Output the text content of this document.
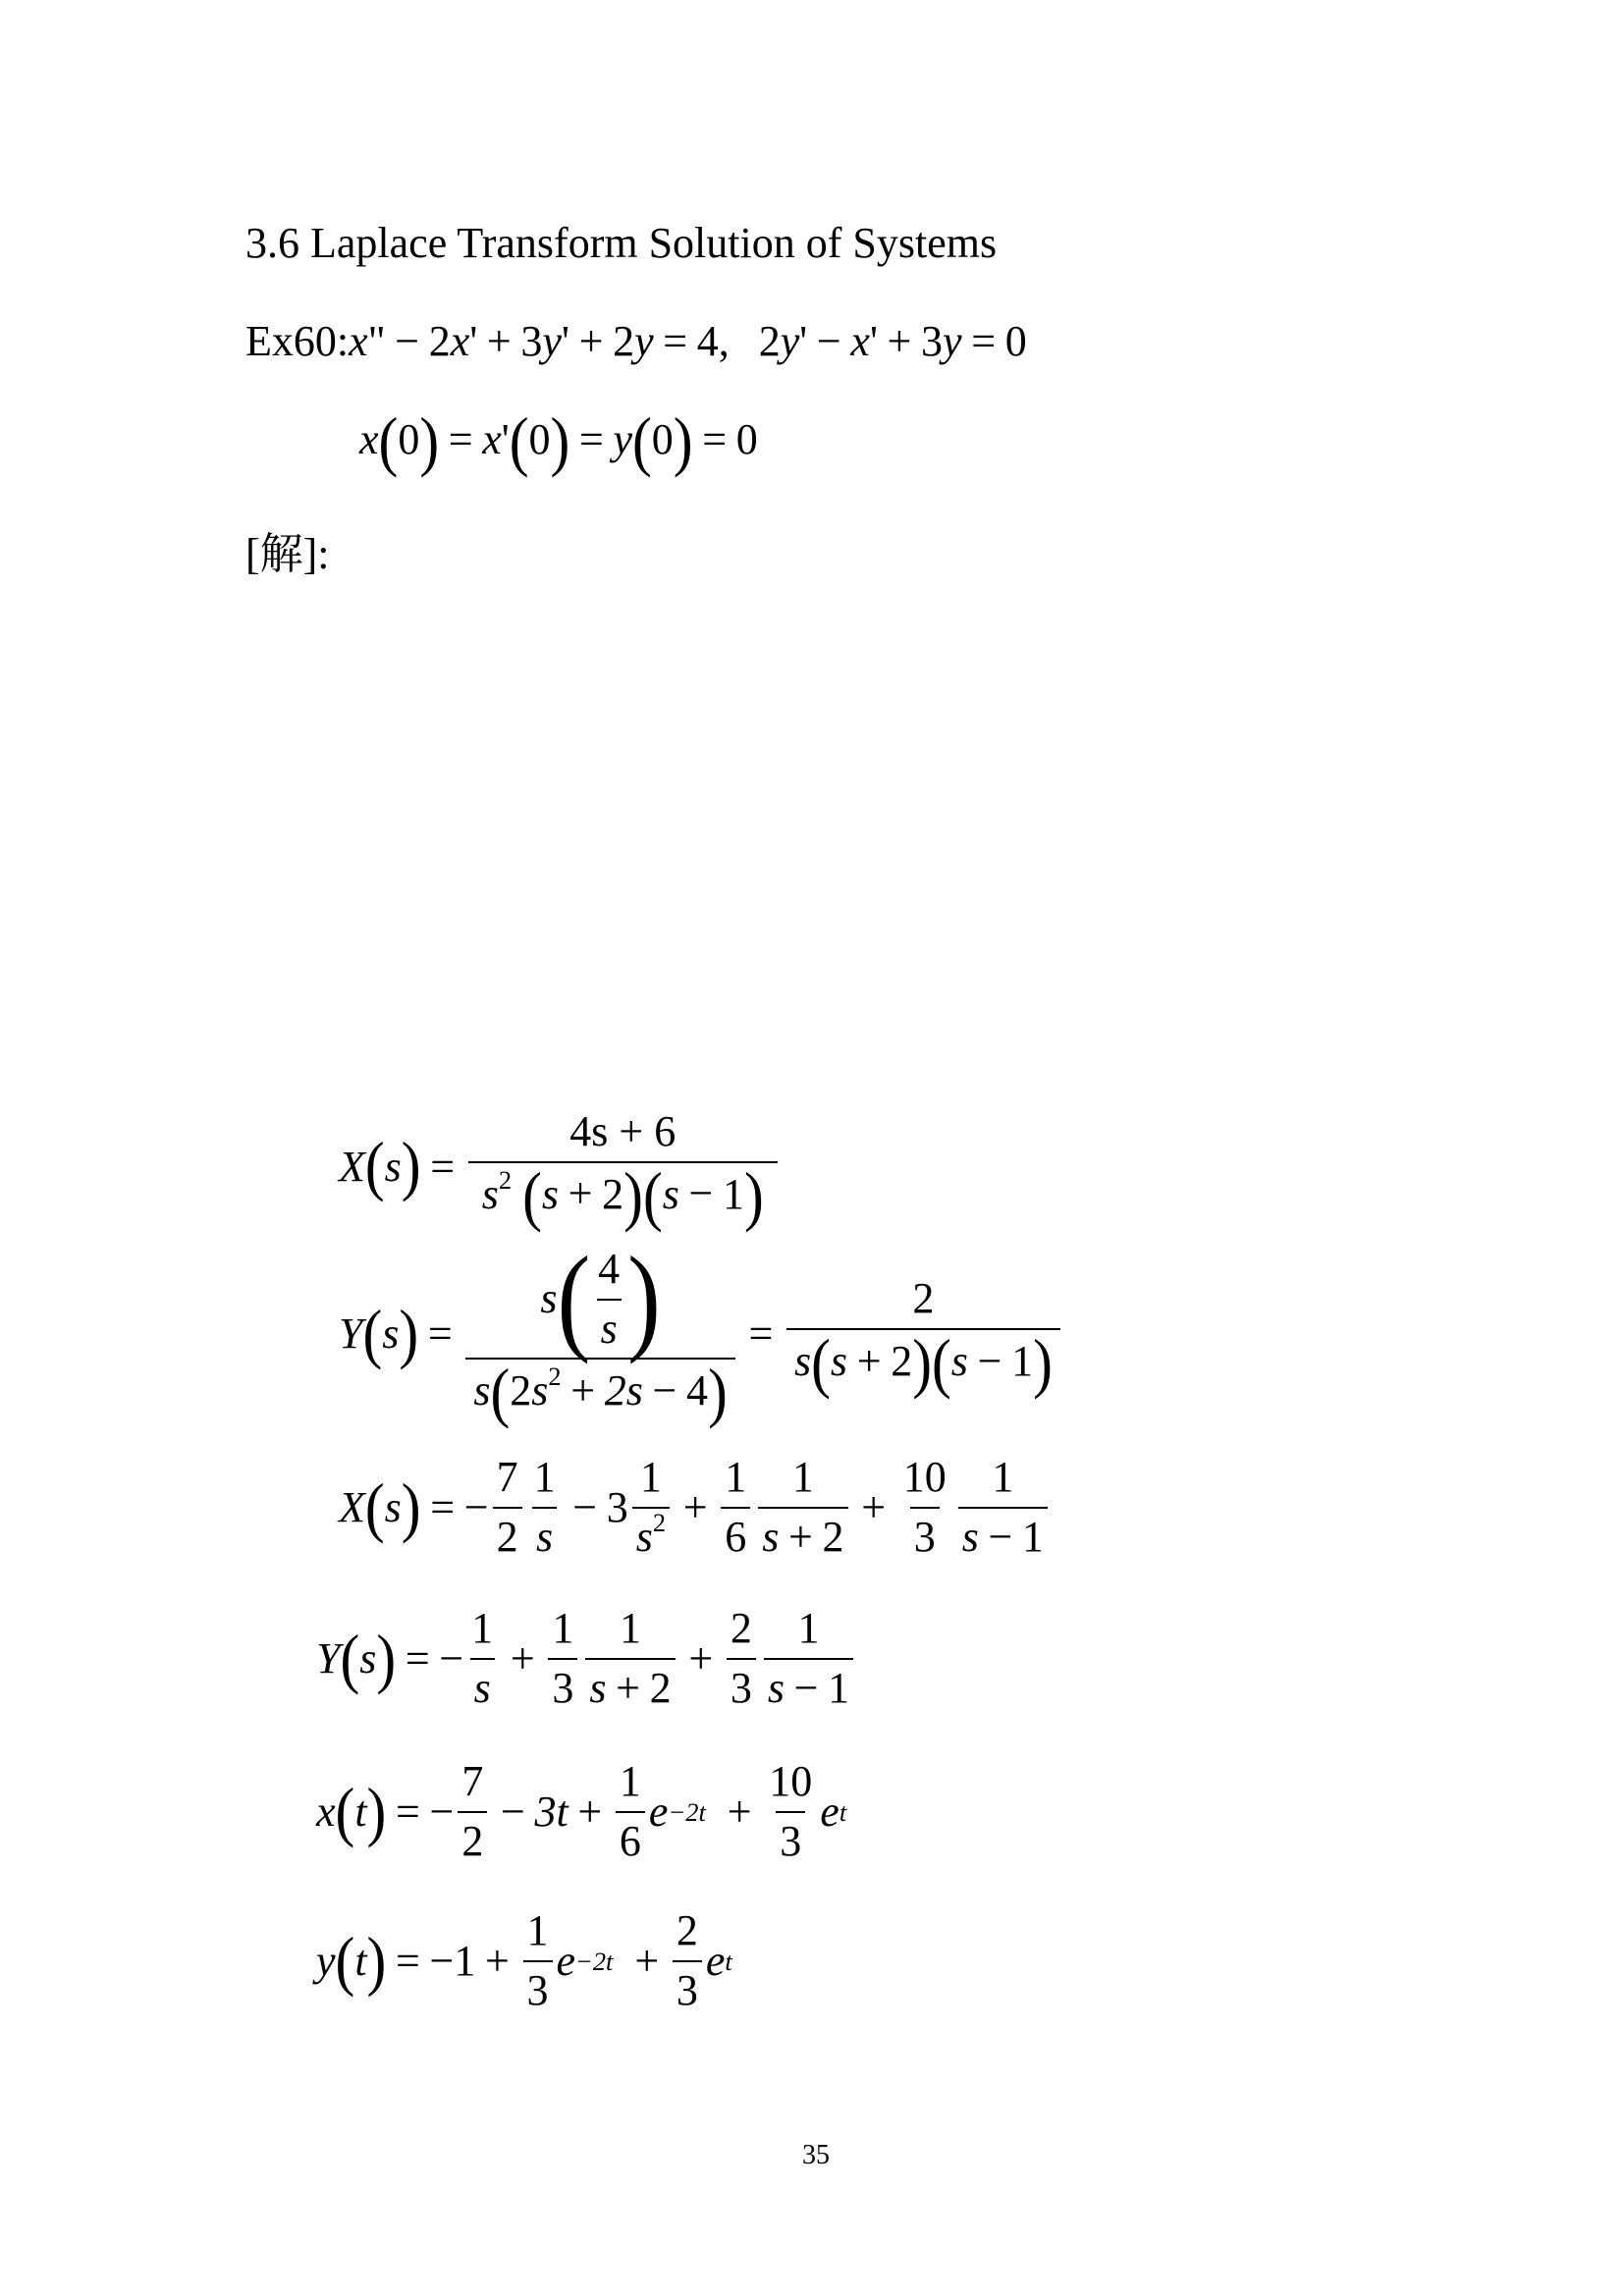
3.6 Laplace Transform Solution of Systems
Ex60:x" − 2x' + 3y' + 2y = 4, 2y' − x' + 3y = 0
x(0) = x'(0) = y(0) = 0
[解]:
X ( s ) = $\frac{4s + 6}{s^2 (s + 2)(s - 1)}$
Y ( s ) = $\frac{s ( \frac{4}{s} )}{s(2s^2 + 2s - 4)} = \frac{2}{s(s + 2)(s - 1)}$
X ( s ) = − $\frac{7}{2} \frac{1}{s} - 3 \frac{1}{s^2} + \frac{1}{6} \frac{1}{s + 2} + \frac{10}{3} \frac{1}{s - 1}$
Y ( s ) = − $\frac{1}{s} + \frac{1}{3} \frac{1}{s + 2} + \frac{2}{3} \frac{1}{s - 1}$
x ( t ) = − $\frac{7}{2} - 3t + \frac{1}{6}$ $e -2t + \frac{10}{3}$ e t
y ( t ) = − $1 + \frac{1}{3}$ $e -2t + \frac{2}{3}$ e t
35
